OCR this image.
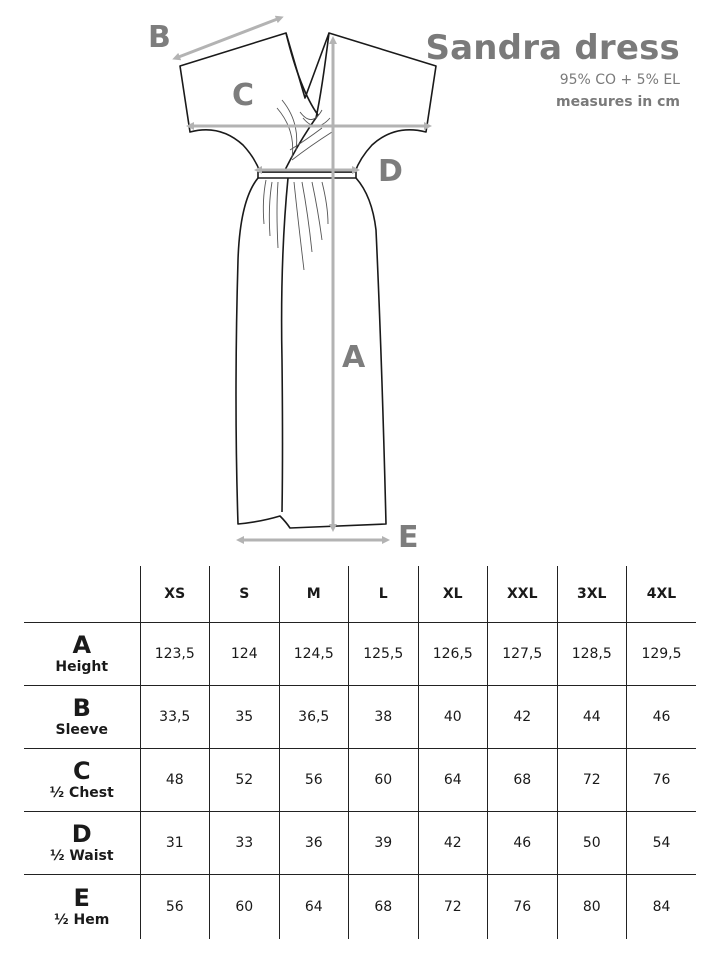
B
C
D
A
E
Sandra dress
95% CO + 5% EL
measures in cm
	XS	S	M	L	XL	XXL	3XL	4XL

A
Height	123,5	124	124,5	125,5	126,5	127,5	128,5	129,5

B
Sleeve	33,5	35	36,5	38	40	42	44	46

C
½ Chest	48	52	56	60	64	68	72	76

D
½ Waist	31	33	36	39	42	46	50	54

E
½ Hem	56	60	64	68	72	76	80	84
